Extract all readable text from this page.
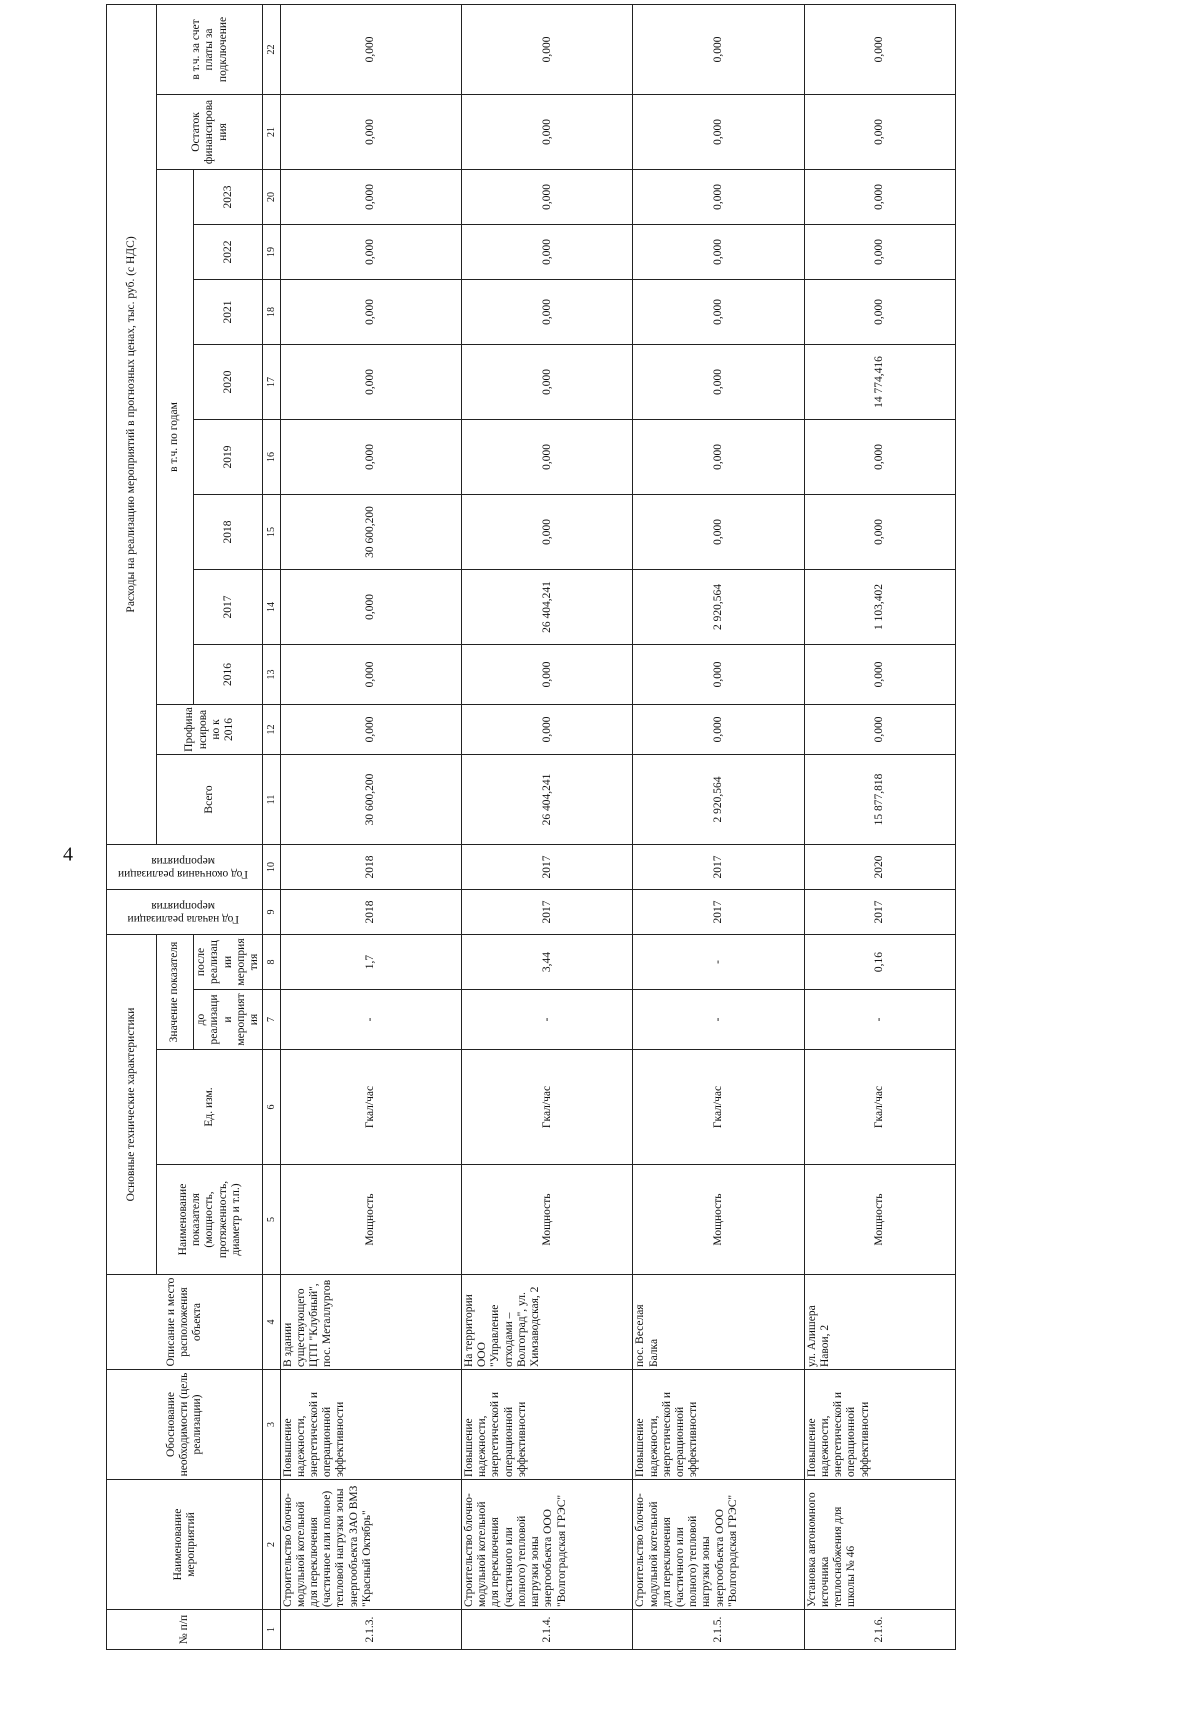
4
№ п/п	Наименование мероприятий	Обоснование необходимости (цель реализации)	Описание и место расположения объекта	Основные технические характеристики				Год начала реализации мероприятия	Год окончания реализации мероприятия	Расходы на реализацию мероприятий в прогнозных ценах, тыс. руб. (с НДС)											
				Наименование показателя (мощность, протяженность, диаметр и т.п.)	Ед. изм.	Значение показателя				Всего	Профинансировано к 2016	в т.ч. по годам								Остаток финансирования	в т.ч. за счет платы за подключение
						до реализации мероприятия	после реализации мероприятия					2016	2017	2018	2019	2020	2021	2022	2023		
1	2	3	4	5	6	7	8	9	10	11	12	13	14	15	16	17	18	19	20	21	22
2.1.3.	Строительство блочно-модульной котельной для переключения (частичное или полное) тепловой нагрузки зоны энергообъекта ЗАО ВМЗ "Красный Октябрь"	Повышение надежности, энергетической и операционной эффективности	В здании существующего ЦТП "Клубный", пос. Металлургов	Мощность	Гкал/час	-	1,7	2018	2018	30 600,200	0,000	0,000	0,000	30 600,200	0,000	0,000	0,000	0,000	0,000	0,000	0,000
2.1.4.	Строительство блочно-модульной котельной для переключения (частичного или полного) тепловой нагрузки зоны энергообъекта ООО "Волгоградская ГРЭС"	Повышение надежности, энергетической и операционной эффективности	На территории ООО "Управление отходами – Волгоград", ул. Химзаводская, 2	Мощность	Гкал/час	-	3,44	2017	2017	26 404,241	0,000	0,000	26 404,241	0,000	0,000	0,000	0,000	0,000	0,000	0,000	0,000
2.1.5.	Строительство блочно-модульной котельной для переключения (частичного или полного) тепловой нагрузки зоны энергообъекта ООО "Волгоградская ГРЭС"	Повышение надежности, энергетической и операционной эффективности	пос. Веселая Балка	Мощность	Гкал/час	-	-	2017	2017	2 920,564	0,000	0,000	2 920,564	0,000	0,000	0,000	0,000	0,000	0,000	0,000	0,000
2.1.6.	Установка автономного источника теплоснабжения для школы № 46	Повышение надежности, энергетической и операционной эффективности	ул. Алишера Навои, 2	Мощность	Гкал/час	-	0,16	2017	2020	15 877,818	0,000	0,000	1 103,402	0,000	0,000	14 774,416	0,000	0,000	0,000	0,000	0,000
